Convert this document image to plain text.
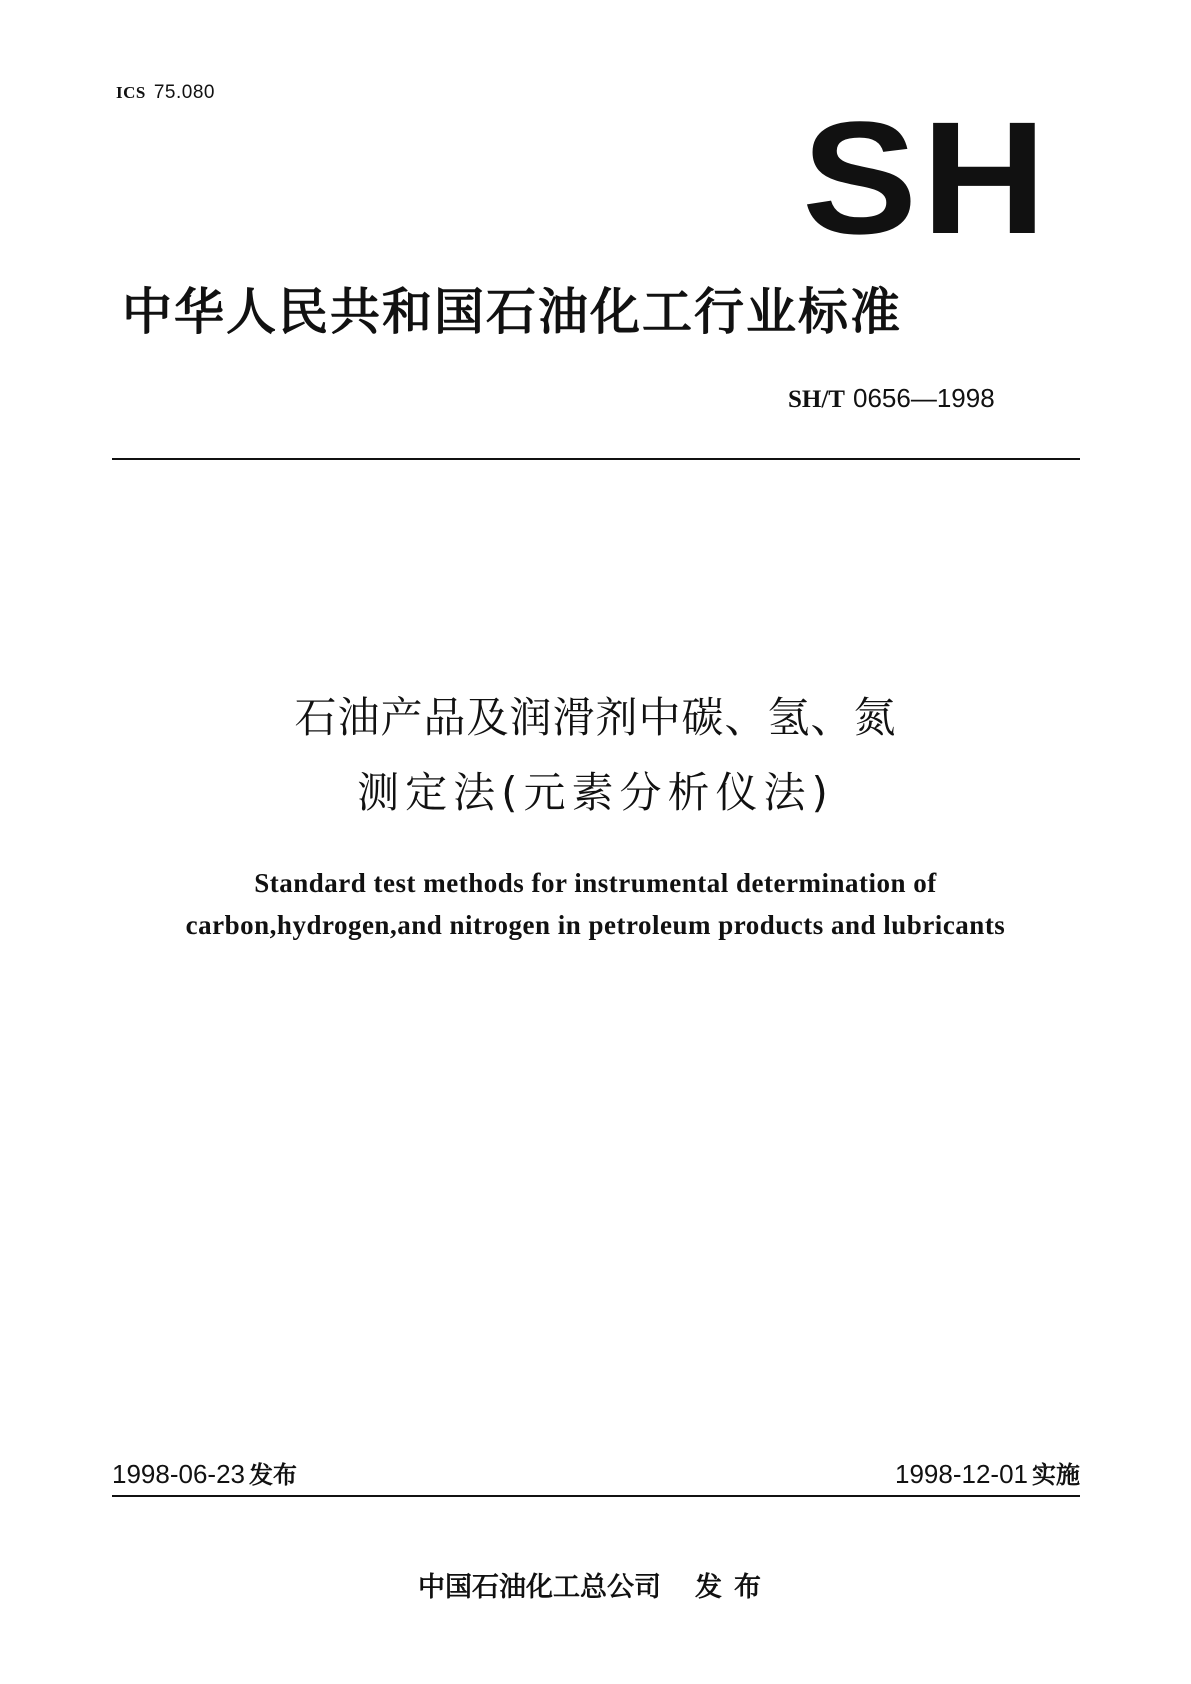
ICS 75.080	SH
中华人民共和国石油化工行业标准
SH/T 0656—1998
石油产品及润滑剂中碳、氢、氮
测定法(元素分析仪法)
Standard test methods for instrumental determination of
carbon,hydrogen,and nitrogen in petroleum products and lubricants
1998-06-23 发布	1998-12-01 实施
中国石油化工总公司 发布
